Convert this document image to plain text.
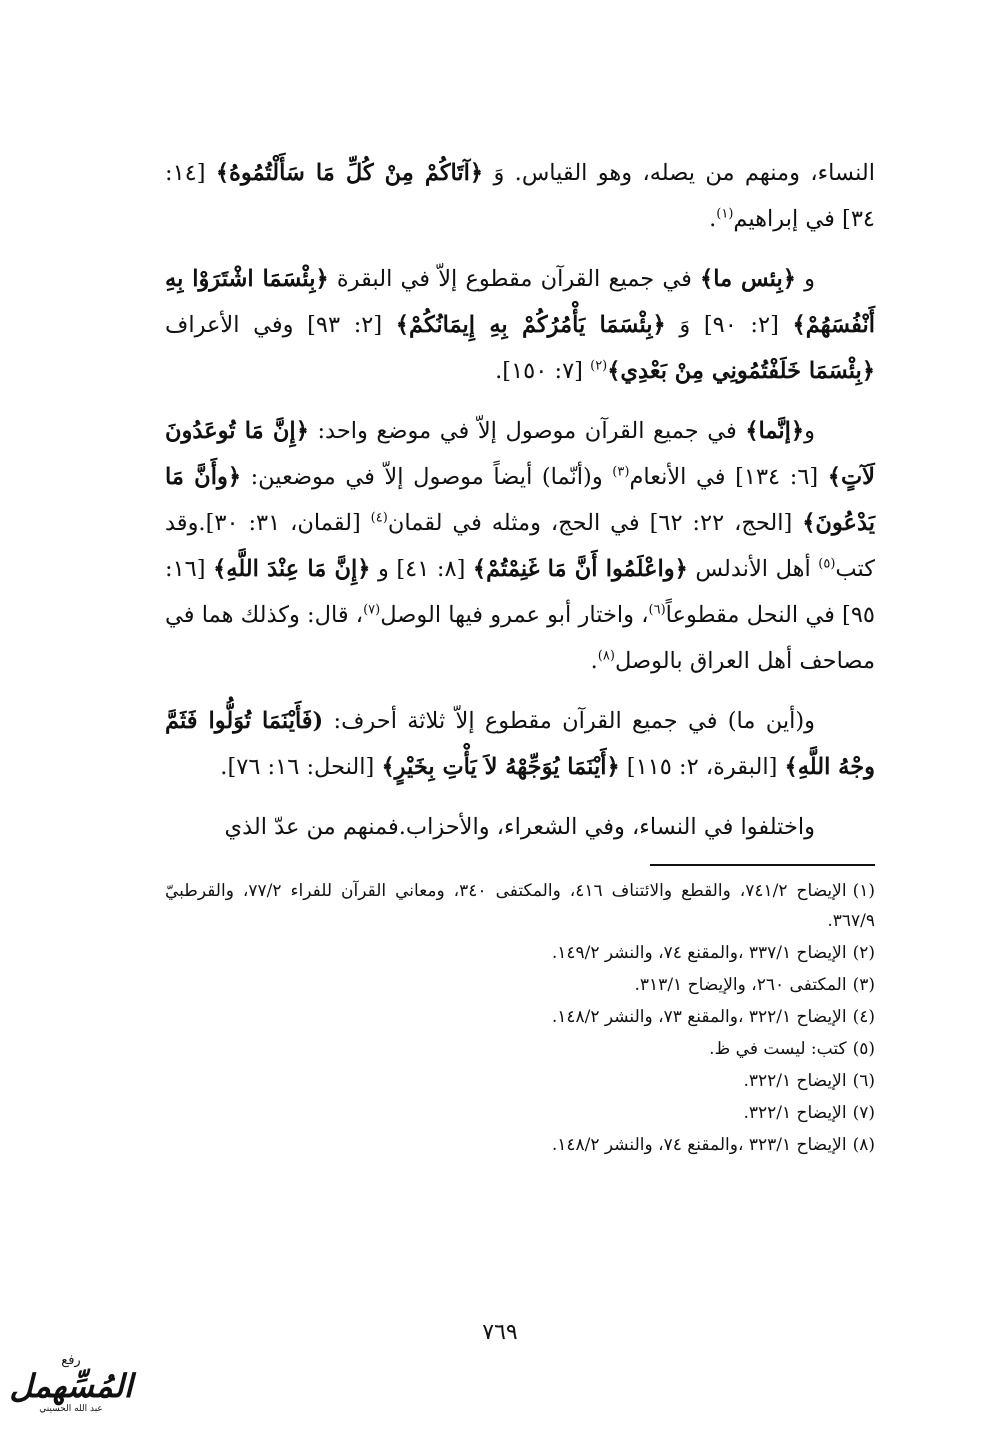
النساء، ومنهم من يصله، وهو القياس. وَ ﴿آتَاكُمْ مِنْ كُلِّ مَا سَأَلْتُمُوهُ﴾ [١٤: ٣٤] في إبراهيم$^{(١)}$.

و ﴿بِئس ما﴾ في جميع القرآن مقطوع إلاّ في البقرة ﴿بِئْسَمَا اشْتَرَوْا بِهِ أَنْفُسَهُمْ﴾ [٢: ٩٠] وَ ﴿بِئْسَمَا يَأْمُرُكُمْ بِهِ إِيمَانُكُمْ﴾ [٢: ٩٣] وفي الأعراف ﴿بِئْسَمَا خَلَفْتُمُونِي مِنْ بَعْدِي﴾$^{(٢)}$ [٧: ١٥٠].

و﴿إنَّما﴾ في جميع القرآن موصول إلاّ في موضع واحد: ﴿إِنَّ مَا تُوعَدُونَ لَآتٍ﴾ [٦: ١٣٤] في الأنعام$^{(٣)}$ و(أنّما) أيضاً موصول إلاّ في موضعين: ﴿وأَنَّ مَا يَدْعُونَ﴾ [الحج، ٢٢: ٦٢] في الحج، ومثله في لقمان$^{(٤)}$ [لقمان، ٣١: ٣٠].وقد كتب$^{(٥)}$ أهل الأندلس ﴿واعْلَمُوا أَنَّ مَا غَنِمْتُمْ﴾ [٨: ٤١] و ﴿إِنَّ مَا عِنْدَ اللَّهِ﴾ [١٦: ٩٥] في النحل مقطوعاً$^{(٦)}$، واختار أبو عمرو فيها الوصل$^{(٧)}$، قال: وكذلك هما في مصاحف أهل العراق بالوصل$^{(٨)}$.

و(أين ما) في جميع القرآن مقطوع إلاّ ثلاثة أحرف: (فَأَيْنَمَا تُوَلُّوا فَثَمَّ وجْهُ اللَّهِ﴾ [البقرة، ٢: ١١٥] ﴿أَيْنَمَا يُوَجِّهْهُ لاَ يَأْتِ بِخَيْرٍ﴾ [النحل: ١٦: ٧٦].

واختلفوا في النساء، وفي الشعراء، والأحزاب.فمنهم من عدّ الذي

(١)الإيضاح ٧٤١/٢، والقطع والائتناف ٤١٦، والمكتفى ٣٤٠، ومعاني القرآن للفراء ٧٧/٢، والقرطبيّ ٣٦٧/٩.
(٢)الإيضاح ٣٣٧/١ ،والمقنع ٧٤، والنشر ١٤٩/٢.
(٣)المكتفى ٢٦٠، والإيضاح ٣١٣/١.
(٤)الإيضاح ٣٢٢/١ ،والمقنع ٧٣، والنشر ١٤٨/٢.
(٥)كتب: ليست في ظ.
(٦)الإيضاح ٣٢٢/١.
(٧)الإيضاح ٣٢٢/١.
(٨)الإيضاح ٣٢٣/١ ،والمقنع ٧٤، والنشر ١٤٨/٢.
٧٦٩
رفع
المُسِّهمل
عبد الله الحسيني
